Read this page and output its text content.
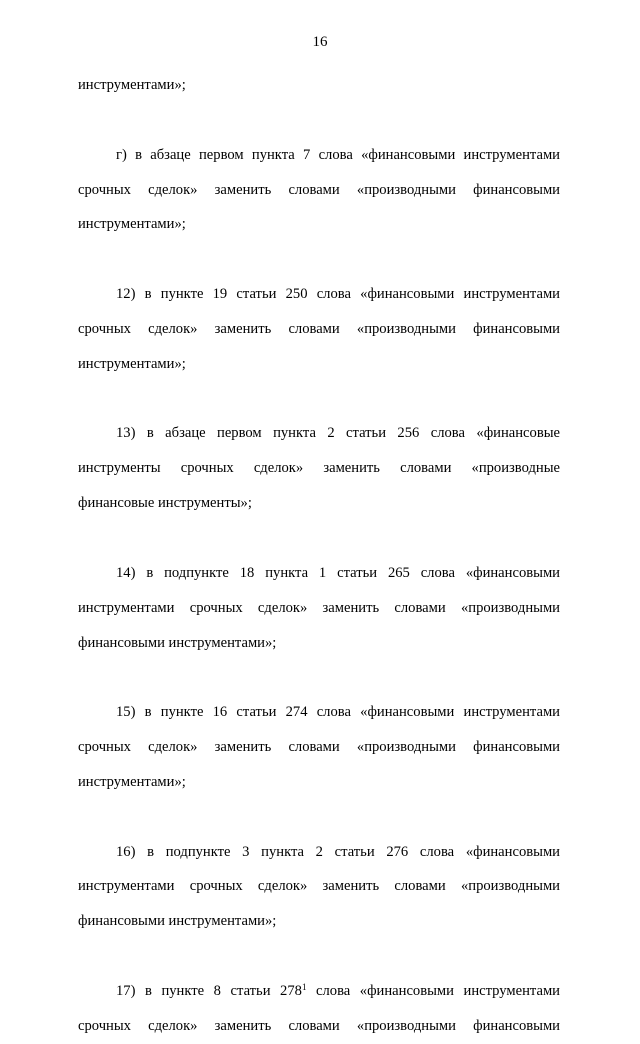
16
инструментами»;
г) в абзаце первом пункта 7 слова «финансовыми инструментами
срочных сделок» заменить словами «производными финансовыми
инструментами»;
12) в пункте 19 статьи 250 слова «финансовыми инструментами
срочных сделок» заменить словами «производными финансовыми
инструментами»;
13) в абзаце первом пункта 2 статьи 256 слова «финансовые
инструменты срочных сделок» заменить словами «производные
финансовые инструменты»;
14) в подпункте 18 пункта 1 статьи 265 слова «финансовыми
инструментами срочных сделок» заменить словами «производными
финансовыми инструментами»;
15) в пункте 16 статьи 274 слова «финансовыми инструментами
срочных сделок» заменить словами «производными финансовыми
инструментами»;
16) в подпункте 3 пункта 2 статьи 276 слова «финансовыми
инструментами срочных сделок» заменить словами «производными
финансовыми инструментами»;
17) в пункте 8 статьи $278^1$ слова «финансовыми инструментами
срочных сделок» заменить словами «производными финансовыми
